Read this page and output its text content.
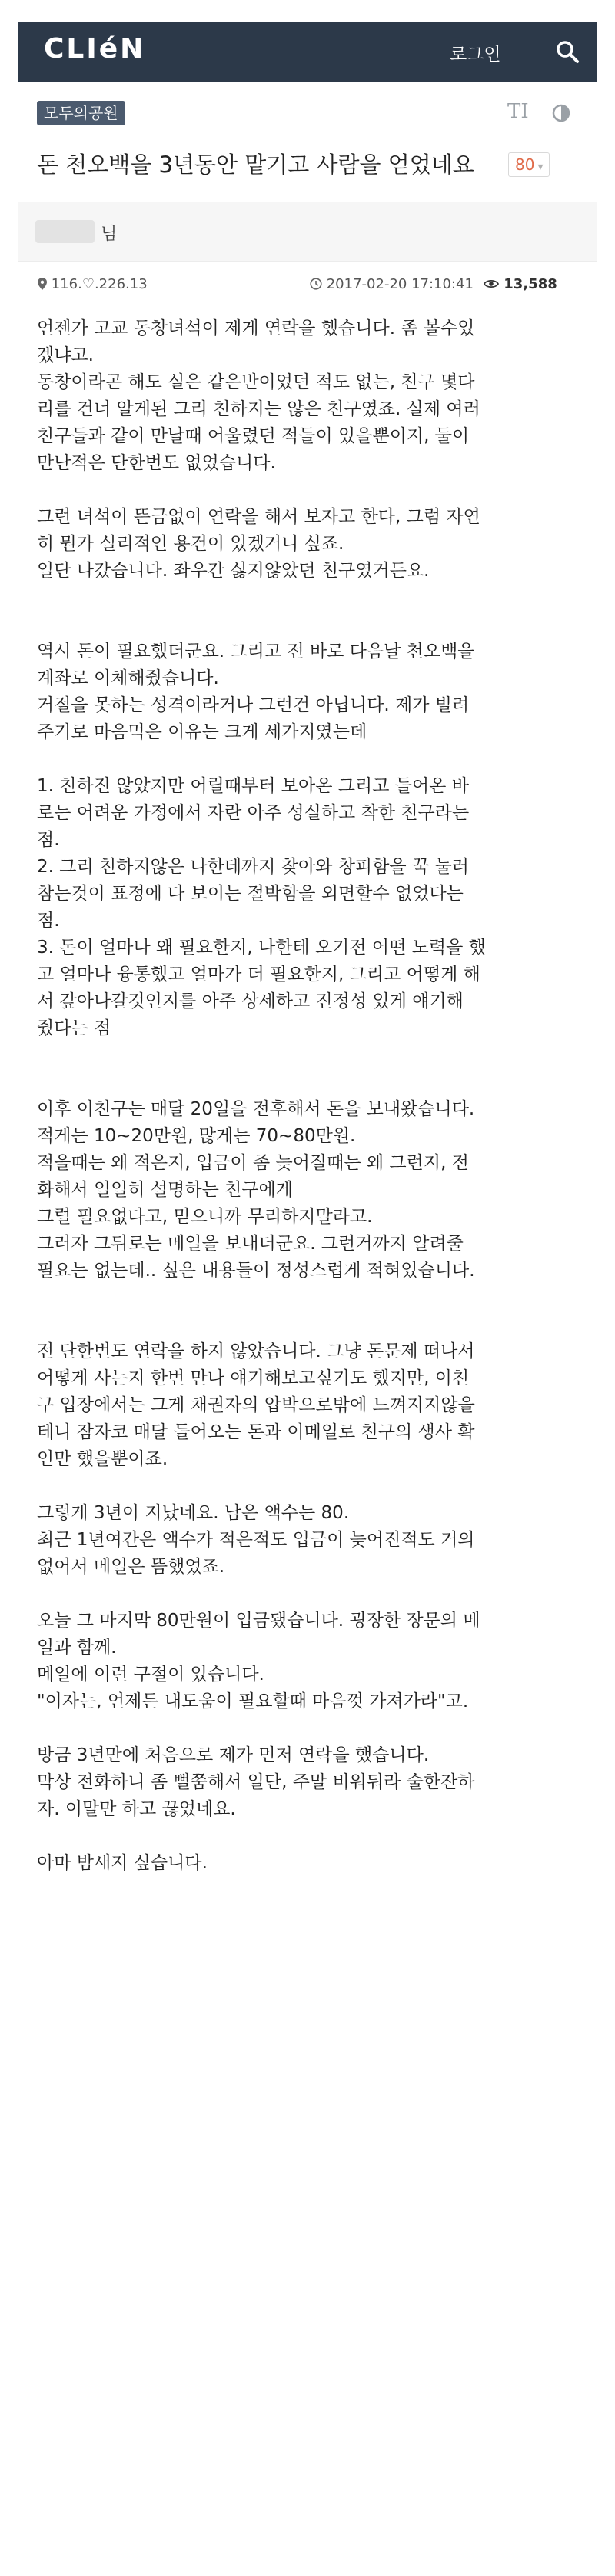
CLIéN	로그인
모두의공원	TI
돈 천오백을 3년동안 맡기고 사람을 얻었네요	80 ▾
님
116.♡.226.13	2017-02-20 17:10:41	13,588

언젠가 고교 동창녀석이 제게 연락을 했습니다. 좀 볼수있

겠냐고.

동창이라곤 해도 실은 같은반이었던 적도 없는, 친구 몇다

리를 건너 알게된 그리 친하지는 않은 친구였죠. 실제 여러

친구들과 같이 만날때 어울렸던 적들이 있을뿐이지, 둘이

만난적은 단한번도 없었습니다.

그런 녀석이 뜬금없이 연락을 해서 보자고 한다, 그럼 자연

히 뭔가 실리적인 용건이 있겠거니 싶죠.

일단 나갔습니다. 좌우간 싫지않았던 친구였거든요.

역시 돈이 필요했더군요. 그리고 전 바로 다음날 천오백을

계좌로 이체해줬습니다.

거절을 못하는 성격이라거나 그런건 아닙니다. 제가 빌려

주기로 마음먹은 이유는 크게 세가지였는데

1. 친하진 않았지만 어릴때부터 보아온 그리고 들어온 바

로는 어려운 가정에서 자란 아주 성실하고 착한 친구라는

점.

2. 그리 친하지않은 나한테까지 찾아와 창피함을 꾹 눌러

참는것이 표정에 다 보이는 절박함을 외면할수 없었다는

점.

3. 돈이 얼마나 왜 필요한지, 나한테 오기전 어떤 노력을 했

고 얼마나 융통했고 얼마가 더 필요한지, 그리고 어떻게 해

서 갚아나갈것인지를 아주 상세하고 진정성 있게 얘기해

줬다는 점

이후 이친구는 매달 20일을 전후해서 돈을 보내왔습니다.

적게는 10~20만원, 많게는 70~80만원.

적을때는 왜 적은지, 입금이 좀 늦어질때는 왜 그런지, 전

화해서 일일히 설명하는 친구에게

그럴 필요없다고, 믿으니까 무리하지말라고.

그러자 그뒤로는 메일을 보내더군요. 그런거까지 알려줄

필요는 없는데.. 싶은 내용들이 정성스럽게 적혀있습니다.

전 단한번도 연락을 하지 않았습니다. 그냥 돈문제 떠나서

어떻게 사는지 한번 만나 얘기해보고싶기도 했지만, 이친

구 입장에서는 그게 채권자의 압박으로밖에 느껴지지않을

테니 잠자코 매달 들어오는 돈과 이메일로 친구의 생사 확

인만 했을뿐이죠.

그렇게 3년이 지났네요. 남은 액수는 80.

최근 1년여간은 액수가 적은적도 입금이 늦어진적도 거의

없어서 메일은 뜸했었죠.

오늘 그 마지막 80만원이 입금됐습니다. 굉장한 장문의 메

일과 함께.

메일에 이런 구절이 있습니다.

"이자는, 언제든 내도움이 필요할때 마음껏 가져가라"고.

방금 3년만에 처음으로 제가 먼저 연락을 했습니다.

막상 전화하니 좀 뻘쭘해서 일단, 주말 비워둬라 술한잔하

자. 이말만 하고 끊었네요.

아마 밤새지 싶습니다.
